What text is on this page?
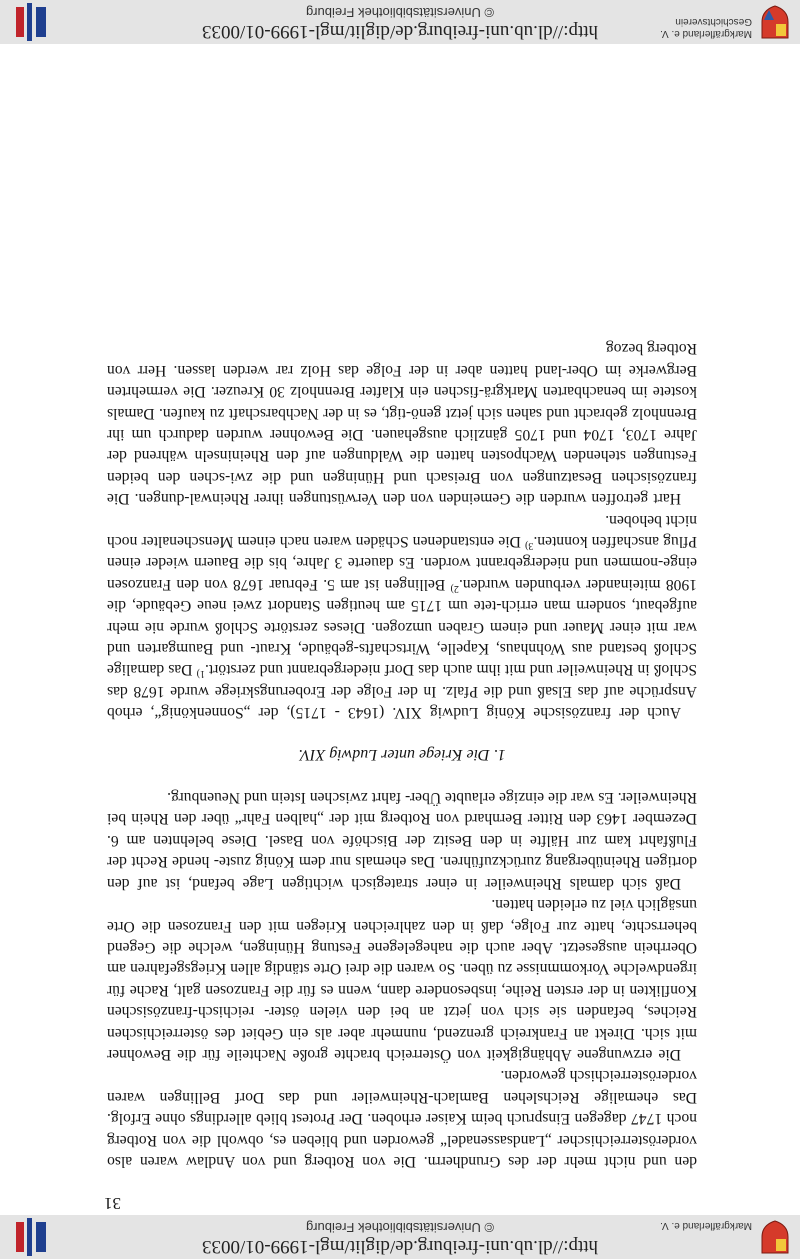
http://dl.ub.uni-freiburg.de/diglit/mgl-1999-01/0033
© Universitätsbibliothek Freiburg	Markgräflerland e. V.
31

den und nicht mehr der des Grundherrn. Die von Rotberg und von Andlaw waren also vorderösterreichischer „Landsassenadel“ geworden und blieben es, obwohl die von Rotberg noch 1747 dagegen Einspruch beim Kaiser erhoben. Der Protest blieb allerdings ohne Erfolg. Das ehemalige Reichslehen Bamlach-Rheinweiler und das Dorf Bellingen waren vorderösterreichisch geworden.

Die erzwungene Abhängigkeit von Österreich brachte große Nachteile für die Bewohner mit sich. Direkt an Frankreich grenzend, nunmehr aber als ein Gebiet des österreichischen Reiches, befanden sie sich von jetzt an bei den vielen öster- reichisch-französischen Konflikten in der ersten Reihe, insbesondere dann, wenn es für die Franzosen galt, Rache für irgendwelche Vorkommnisse zu üben. So waren die drei Orte ständig allen Kriegsgefahren am Oberrhein ausgesetzt. Aber auch die nahegelegene Festung Hüningen, welche die Gegend beherrschte, hatte zur Folge, daß in den zahlreichen Kriegen mit den Franzosen die Orte unsäglich viel zu erleiden hatten.

Daß sich damals Rheinweiler in einer strategisch wichtigen Lage befand, ist auf den dortigen Rheinübergang zurückzuführen. Das ehemals nur dem König zuste- hende Recht der Flußfahrt kam zur Hälfte in den Besitz der Bischöfe von Basel. Diese belehnten am 6. Dezember 1463 den Ritter Bernhard von Rotberg mit der „halben Fahr“ über den Rhein bei Rheinweiler. Es war die einzige erlaubte Über- fahrt zwischen Istein und Neuenburg.

1. Die Kriege unter Ludwig XIV.

Auch der französische König Ludwig XIV. (1643 - 1715), der „Sonnenkönig“, erhob Ansprüche auf das Elsaß und die Pfalz. In der Folge der Eroberungskriege wurde 1678 das Schloß in Rheinweiler und mit ihm auch das Dorf niedergebrannt und zerstört.$^{1)}$ Das damalige Schloß bestand aus Wohnhaus, Kapelle, Wirtschafts-gebäude, Kraut- und Baumgarten und war mit einer Mauer und einem Graben umzogen. Dieses zerstörte Schloß wurde nie mehr aufgebaut, sondern man errich-tete um 1715 am heutigen Standort zwei neue Gebäude, die 1908 miteinander verbunden wurden.$^{2)}$ Bellingen ist am 5. Februar 1678 von den Franzosen einge-nommen und niedergebrannt worden. Es dauerte 3 Jahre, bis die Bauern wieder einen Pflug anschaffen konnten.$^{3)}$ Die entstandenen Schäden waren nach einem Menschenalter noch nicht behoben.

Hart getroffen wurden die Gemeinden von den Verwüstungen ihrer Rheinwal-dungen. Die französischen Besatzungen von Breisach und Hüningen und die zwi-schen den beiden Festungen stehenden Wachposten hatten die Waldungen auf den Rheininseln während der Jahre 1703, 1704 und 1705 gänzlich ausgehauen. Die Bewohner wurden dadurch um ihr Brennholz gebracht und sahen sich jetzt genö-tigt, es in der Nachbarschaft zu kaufen. Damals kostete im benachbarten Markgrä-fischen ein Klafter Brennholz 30 Kreuzer. Die vermehrten Bergwerke im Ober-land hatten aber in der Folge das Holz rar werden lassen. Herr von Rotberg bezog

http://dl.ub.uni-freiburg.de/diglit/mgl-1999-01/0033
© Universitätsbibliothek Freiburg
Markgräflerland e. V.
Geschichtsverein
